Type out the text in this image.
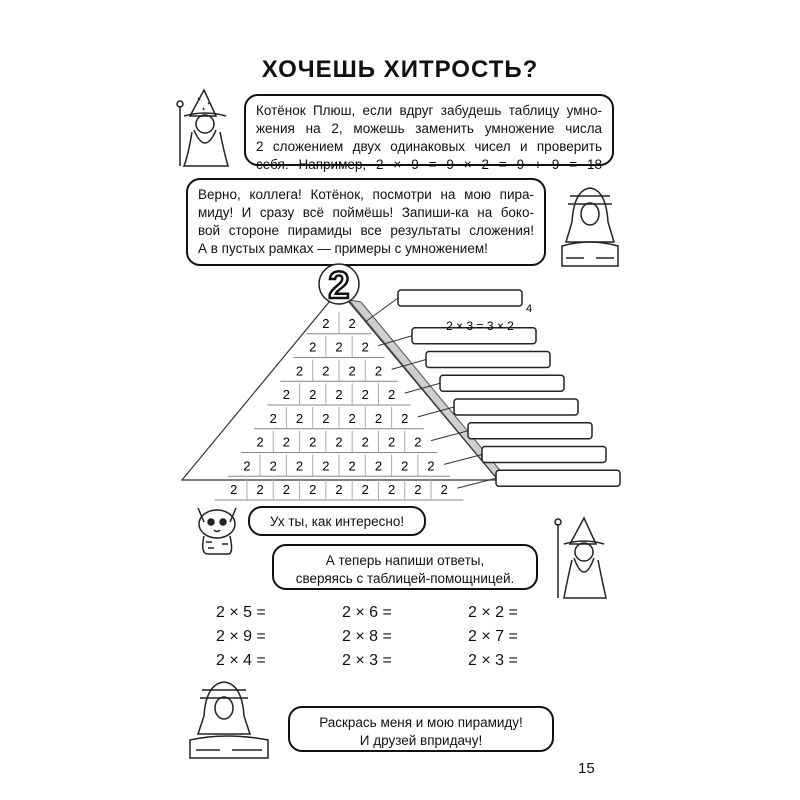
ХОЧЕШЬ ХИТРОСТЬ?
Котёнок Плюш, если вдруг забудешь таблицу умно-
жения на 2, можешь заменить умножение числа
2 сложением двух одинаковых чисел и проверить
себя. Например, 2 × 9 = 9 × 2 = 9 + 9 = 18
Верно, коллега! Котёнок, посмотри на мою пира-
миду! И сразу всё поймёшь! Запиши-ка на боко-
вой стороне пирамиды все результаты сложения!
А в пустых рамках — примеры с умножением!
2 2
2 2 2
2 2 2 2
2 2 2 2 2
2 2 2 2 2 2
2 2 2 2 2 2 2
2 2 2 2 2 2 2 2
2 2 2 2 2 2 2 2 2
2
4
2 × 3 = 3 × 2
Ух ты, как интересно!
А теперь напиши ответы,
сверяясь с таблицей-помощницей.
2 × 5 =	2 × 6 =	2 × 2 =
2 × 9 =	2 × 8 =	2 × 7 =
2 × 4 =	2 × 3 =	2 × 3 =
Раскрась меня и мою пирамиду!
И друзей впридачу!
15
